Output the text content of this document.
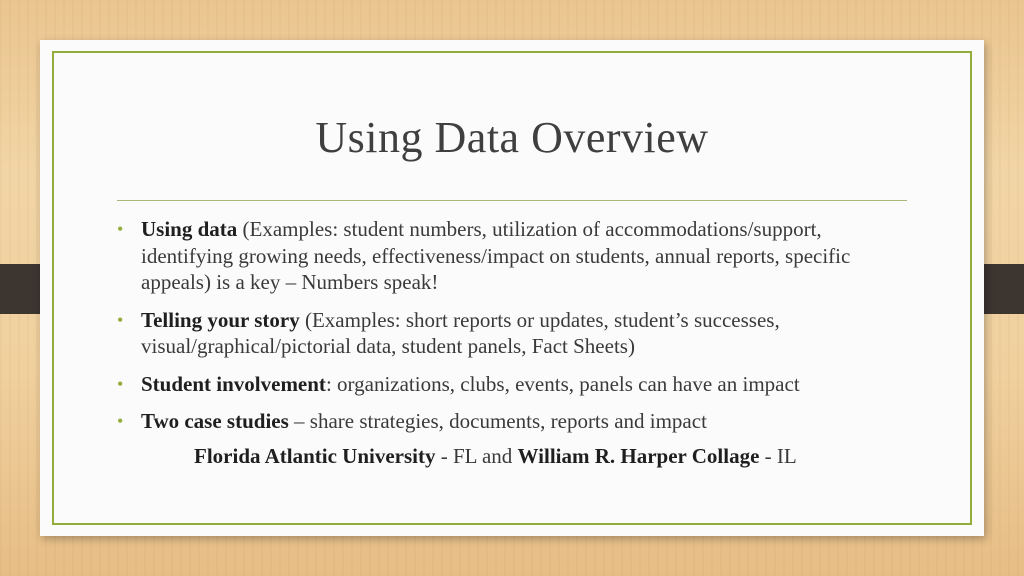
Using Data Overview
• Using data (Examples: student numbers, utilization of accommodations/support, identifying growing needs, effectiveness/impact on students, annual reports, specific appeals) is a key – Numbers speak!
• Telling your story (Examples: short reports or updates, student’s successes, visual/graphical/pictorial data, student panels, Fact Sheets)
• Student involvement: organizations, clubs, events, panels can have an impact
• Two case studies – share strategies, documents, reports and impact
Florida Atlantic University - FL and William R. Harper Collage - IL
